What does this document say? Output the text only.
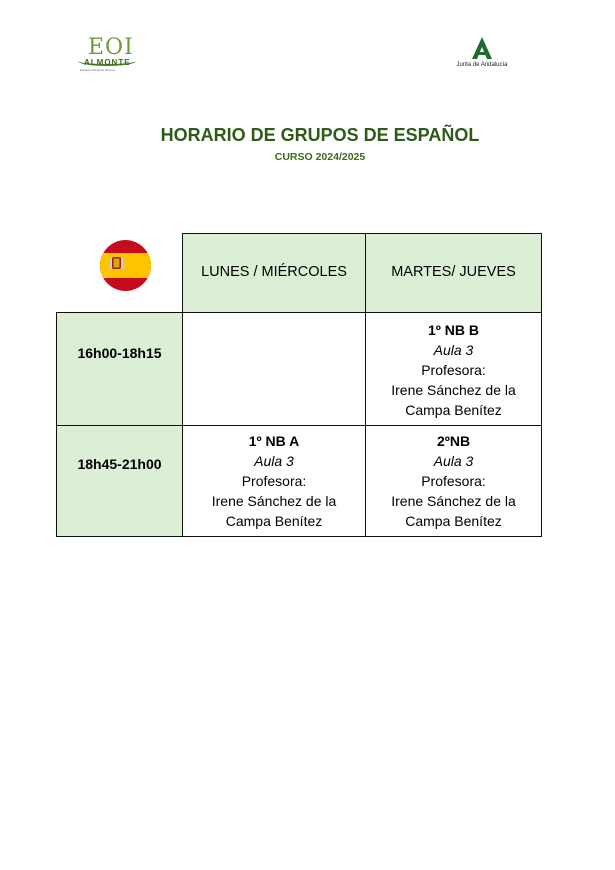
EOI
ALMONTE
Escuela Oficial de Idiomas
Junta de Andalucía
HORARIO DE GRUPOS DE ESPAÑOL
CURSO 2024/2025
LUNES / MIÉRCOLES	MARTES/ JUEVES
16h00-18h15
1º NB B
Aula 3
Profesora:
Irene Sánchez de la
Campa Benítez
18h45-21h00
1º NB A
Aula 3
Profesora:
Irene Sánchez de la
Campa Benítez
2ºNB
Aula 3
Profesora:
Irene Sánchez de la
Campa Benítez
